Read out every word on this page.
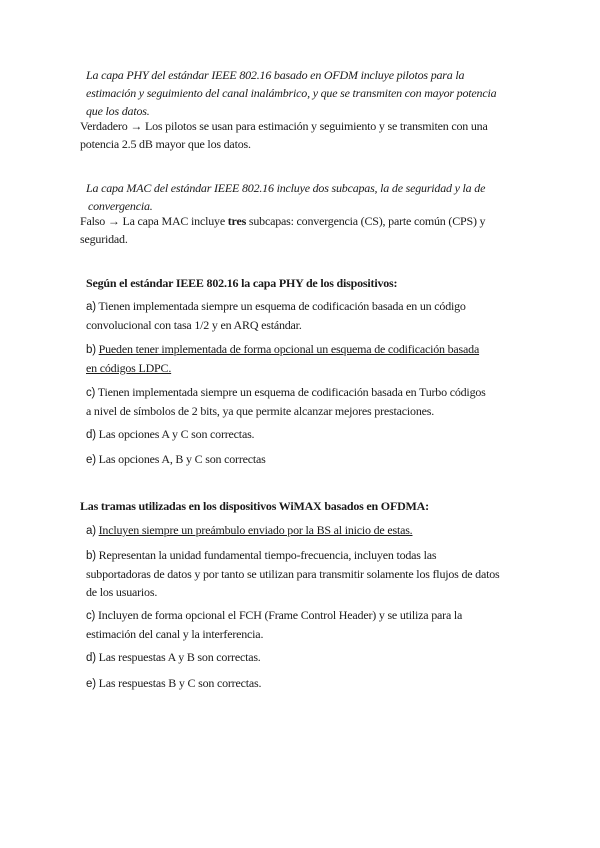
La capa PHY del estándar IEEE 802.16 basado en OFDM incluye pilotos para la
estimación y seguimiento del canal inalámbrico, y que se transmiten con mayor potencia
que los datos.
Verdadero → Los pilotos se usan para estimación y seguimiento y se transmiten con una
potencia 2.5 dB mayor que los datos.
La capa MAC del estándar IEEE 802.16 incluye dos subcapas, la de seguridad y la de
convergencia.
Falso → La capa MAC incluye tres subcapas: convergencia (CS), parte común (CPS) y
seguridad.
Según el estándar IEEE 802.16 la capa PHY de los dispositivos:
a) Tienen implementada siempre un esquema de codificación basada en un código
convolucional con tasa 1/2 y en ARQ estándar.
b) Pueden tener implementada de forma opcional un esquema de codificación basada
en códigos LDPC.
c) Tienen implementada siempre un esquema de codificación basada en Turbo códigos
a nivel de símbolos de 2 bits, ya que permite alcanzar mejores prestaciones.
d) Las opciones A y C son correctas.
e) Las opciones A, B y C son correctas
Las tramas utilizadas en los dispositivos WiMAX basados en OFDMA:
a) Incluyen siempre un preámbulo enviado por la BS al inicio de estas.
b) Representan la unidad fundamental tiempo-frecuencia, incluyen todas las
subportadoras de datos y por tanto se utilizan para transmitir solamente los flujos de datos
de los usuarios.
c) Incluyen de forma opcional el FCH (Frame Control Header) y se utiliza para la
estimación del canal y la interferencia.
d) Las respuestas A y B son correctas.
e) Las respuestas B y C son correctas.
